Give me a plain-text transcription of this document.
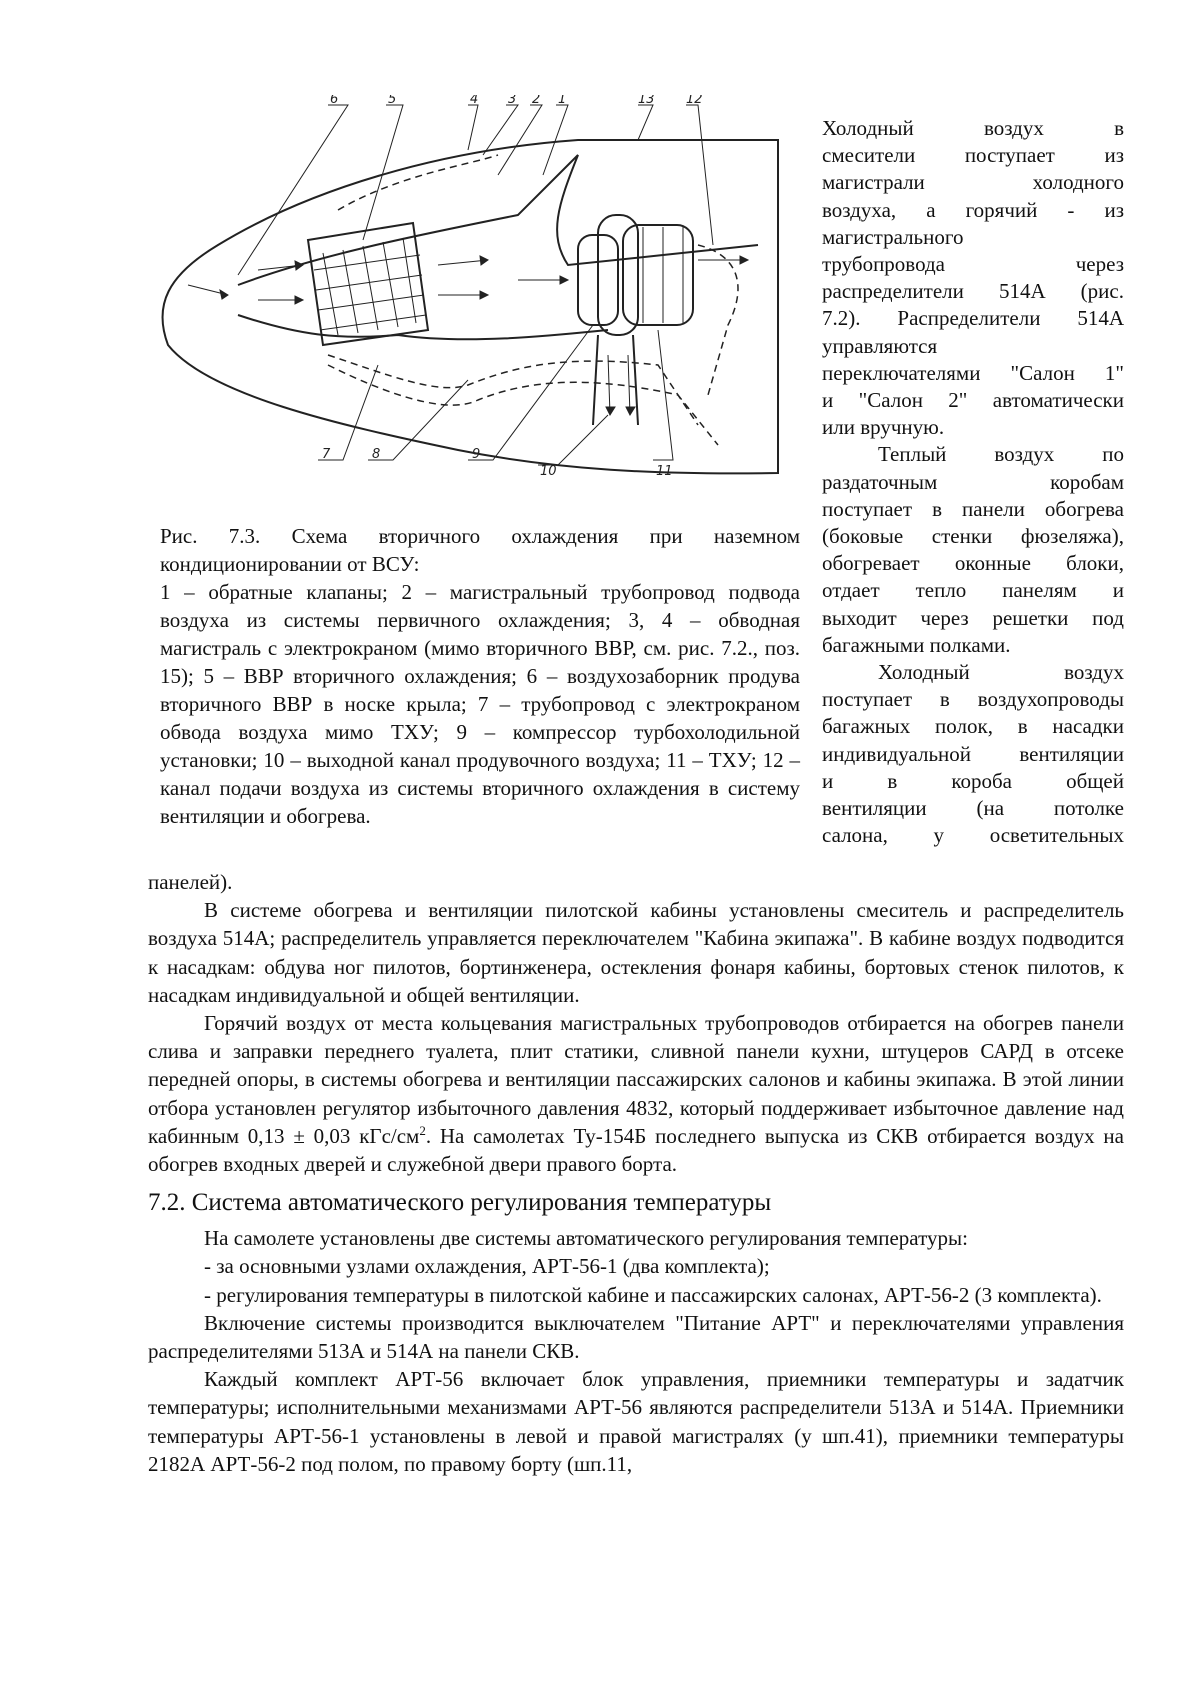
6	5	4 3 2 1	13 12
7	8	9
10	11

Рис. 7.3. Схема вторичного охлаждения при наземном кондиционировании от ВСУ:

1 – обратные клапаны; 2 – магистральный трубопровод подвода воздуха из системы первичного охлаждения; 3, 4 – обводная магистраль с электрокраном (мимо вторичного ВВР, см. рис. 7.2., поз. 15); 5 – ВВР вторичного охлаждения; 6 – воздухозаборник продува вторичного ВВР в носке крыла; 7 – трубопровод с электрокраном обвода воздуха мимо ТХУ; 9 – компрессор турбохолодильной установки; 10 – выходной канал продувочного воздуха; 11 – ТХУ; 12 – канал подачи воздуха из системы вторичного охлаждения в систему вентиляции и обогрева.

Холодный воздух в

смесители поступает из

магистрали холодного

воздуха, а горячий - из

магистрального

трубопровода через

распределители 514А (рис.

7.2). Распределители 514А

управляются

переключателями "Салон 1"

и "Салон 2" автоматически

или вручную.

Теплый воздух по

раздаточным коробам

поступает в панели обогрева

(боковые стенки фюзеляжа),

обогревает оконные блоки,

отдает тепло панелям и

выходит через решетки под

багажными полками.

Холодный воздух

поступает в воздухопроводы

багажных полок, в насадки

индивидуальной вентиляции

и в короба общей

вентиляции (на потолке

салона, у осветительных

панелей).

В системе обогрева и вентиляции пилотской кабины установлены смеситель и распределитель воздуха 514А; распределитель управляется переключателем "Кабина экипажа". В кабине воздух подводится к насадкам: обдува ног пилотов, бортинженера, остекления фонаря кабины, бортовых стенок пилотов, к насадкам индивидуальной и общей вентиляции.

Горячий воздух от места кольцевания магистральных трубопроводов отбирается на обогрев панели слива и заправки переднего туалета, плит статики, сливной панели кухни, штуцеров САРД в отсеке передней опоры, в системы обогрева и вентиляции пассажирских салонов и кабины экипажа. В этой линии отбора установлен регулятор избыточного давления 4832, который поддерживает избыточное давление над кабинным 0,13 ± 0,03 кГс/$см^2$. На самолетах Ту-154Б последнего выпуска из СКВ отбирается воздух на обогрев входных дверей и служебной двери правого борта.

7.2. Система автоматического регулирования температуры

На самолете установлены две системы автоматического регулирования температуры:

- за основными узлами охлаждения, АРТ-56-1 (два комплекта);

- регулирования температуры в пилотской кабине и пассажирских салонах, АРТ-56-2 (3 комплекта).

Включение системы производится выключателем "Питание АРТ" и переключателями управления распределителями 513А и 514А на панели СКВ.

Каждый комплект АРТ-56 включает блок управления, приемники температуры и задатчик температуры; исполнительными механизмами АРТ-56 являются распределители 513А и 514А. Приемники температуры АРТ-56-1 установлены в левой и правой магистралях (у шп.41), приемники температуры 2182А АРТ-56-2 под полом, по правому борту (шп.11,
